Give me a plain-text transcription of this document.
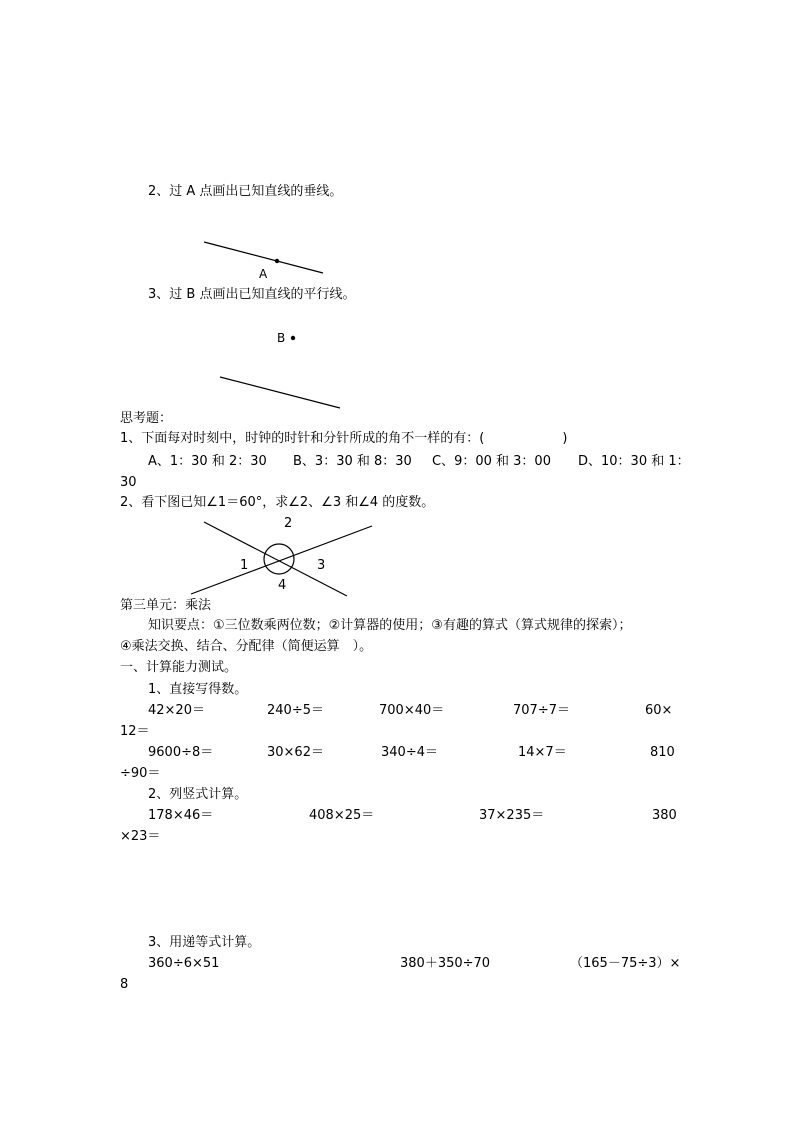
2、过 A 点画出已知直线的垂线。
A
3、过 B 点画出已知直线的平行线。
B
思考题：
1、下面每对时刻中，时钟的时针和分针所成的角不一样的有：(　　　　　　)
A、1：30 和 2：30 B、3：30 和 8：30 C、9：00 和 3：00 D、10：30 和 1：
30
2、看下图已知∠1＝60°，求∠2、∠3 和∠4 的度数。
1
2
3
4
第三单元：乘法
知识要点：①三位数乘两位数；②计算器的使用；③有趣的算式（算式规律的探索）；
④乘法交换、结合、分配律（简便运算　）。
一、计算能力测试。
1、直接写得数。
42×20＝	240÷5＝	700×40＝	707÷7＝	60×
12＝
9600÷8＝	30×62＝	340÷4＝	14×7＝	810
÷90＝
2、列竖式计算。
178×46＝	408×25＝	37×235＝	380
×23＝
3、用递等式计算。
360÷6×51	380＋350÷70	（165－75÷3）×
8
